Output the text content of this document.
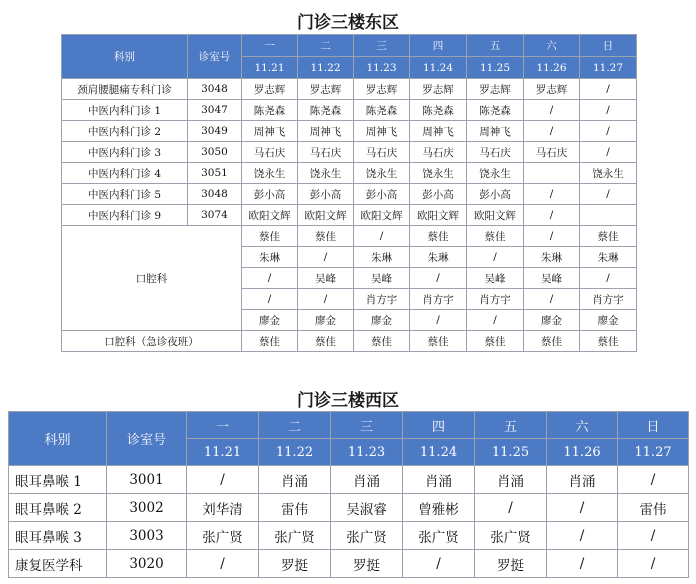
门诊三楼东区
科别	诊室号	一	二	三	四	五	六	日
		11.21	11.22	11.23	11.24	11.25	11.26	11.27
颈肩腰腿痛专科门诊	3048	罗志辉	罗志辉	罗志辉	罗志辉	罗志辉	罗志辉	/
中医内科门诊 1	3047	陈尧森	陈尧森	陈尧森	陈尧森	陈尧森	/	/
中医内科门诊 2	3049	周神飞	周神飞	周神飞	周神飞	周神飞	/	/
中医内科门诊 3	3050	马石庆	马石庆	马石庆	马石庆	马石庆	马石庆	/
中医内科门诊 4	3051	饶永生	饶永生	饶永生	饶永生	饶永生		饶永生
中医内科门诊 5	3048	彭小高	彭小高	彭小高	彭小高	彭小高	/	/
中医内科门诊 9	3074	欧阳文辉	欧阳文辉	欧阳文辉	欧阳文辉	欧阳文辉	/	
口腔科		蔡佳	蔡佳	/	蔡佳	蔡佳	/	蔡佳
		朱琳	/	朱琳	朱琳	/	朱琳	朱琳
		/	吴峰	吴峰	/	吴峰	吴峰	/
		/	/	肖方宇	肖方宇	肖方宇	/	肖方宇
		廖金	廖金	廖金	/	/	廖金	廖金
口腔科（急诊夜班）		蔡佳	蔡佳	蔡佳	蔡佳	蔡佳	蔡佳	蔡佳
门诊三楼西区
科别	诊室号	一	二	三	四	五	六	日
		11.21	11.22	11.23	11.24	11.25	11.26	11.27
眼耳鼻喉 1	3001	/	肖涌	肖涌	肖涌	肖涌	肖涌	/
眼耳鼻喉 2	3002	刘华清	雷伟	吴淑睿	曾雅彬	/	/	雷伟
眼耳鼻喉 3	3003	张广贤	张广贤	张广贤	张广贤	张广贤	/	/
康复医学科	3020	/	罗挺	罗挺	/	罗挺	/	/
